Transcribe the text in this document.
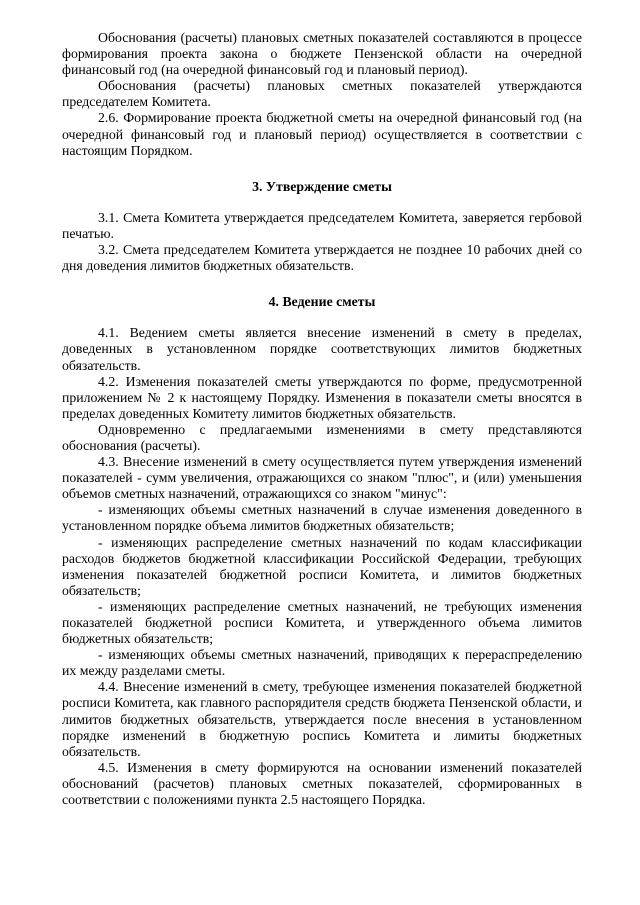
Обоснования (расчеты) плановых сметных показателей составляются в процессе формирования проекта закона о бюджете Пензенской области на очередной финансовый год (на очередной финансовый год и плановый период).

Обоснования (расчеты) плановых сметных показателей утверждаются председателем Комитета.

2.6. Формирование проекта бюджетной сметы на очередной финансовый год (на очередной финансовый год и плановый период) осуществляется в соответствии с настоящим Порядком.

3. Утверждение сметы

3.1. Смета Комитета утверждается председателем Комитета, заверяется гербовой печатью.

3.2. Смета председателем Комитета утверждается не позднее 10 рабочих дней со дня доведения лимитов бюджетных обязательств.

4. Ведение сметы

4.1. Ведением сметы является внесение изменений в смету в пределах, доведенных в установленном порядке соответствующих лимитов бюджетных обязательств.

4.2. Изменения показателей сметы утверждаются по форме, предусмотренной приложением № 2 к настоящему Порядку. Изменения в показатели сметы вносятся в пределах доведенных Комитету лимитов бюджетных обязательств.

Одновременно с предлагаемыми изменениями в смету представляются обоснования (расчеты).

4.3. Внесение изменений в смету осуществляется путем утверждения изменений показателей - сумм увеличения, отражающихся со знаком "плюс", и (или) уменьшения объемов сметных назначений, отражающихся со знаком "минус":

- изменяющих объемы сметных назначений в случае изменения доведенного в установленном порядке объема лимитов бюджетных обязательств;

- изменяющих распределение сметных назначений по кодам классификации расходов бюджетов бюджетной классификации Российской Федерации, требующих изменения показателей бюджетной росписи Комитета, и лимитов бюджетных обязательств;

- изменяющих распределение сметных назначений, не требующих изменения показателей бюджетной росписи Комитета, и утвержденного объема лимитов бюджетных обязательств;

- изменяющих объемы сметных назначений, приводящих к перераспределению их между разделами сметы.

4.4. Внесение изменений в смету, требующее изменения показателей бюджетной росписи Комитета, как главного распорядителя средств бюджета Пензенской области, и лимитов бюджетных обязательств, утверждается после внесения в установленном порядке изменений в бюджетную роспись Комитета и лимиты бюджетных обязательств.

4.5. Изменения в смету формируются на основании изменений показателей обоснований (расчетов) плановых сметных показателей, сформированных в соответствии с положениями пункта 2.5 настоящего Порядка.
